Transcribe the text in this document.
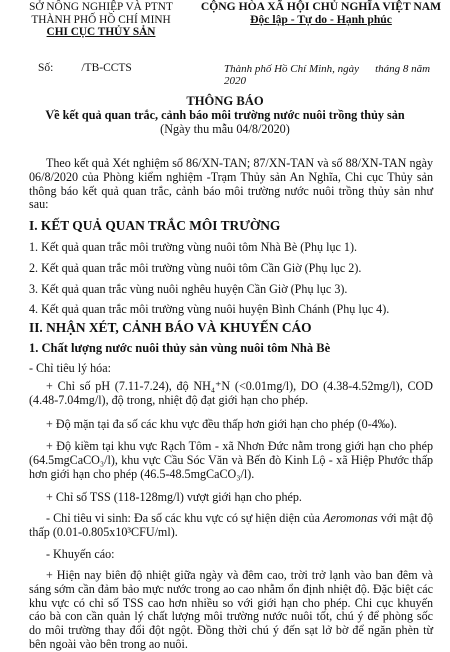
SỞ NÔNG NGHIỆP VÀ PTNT
THÀNH PHỐ HỒ CHÍ MINH
CHI CỤC THỦY SẢN
CỘNG HÒA XÃ HỘI CHỦ NGHĨA VIỆT NAM
Độc lập - Tự do - Hạnh phúc
Số: /TB-CCTS	Thành phố Hồ Chí Minh, ngày tháng 8 năm 2020
THÔNG BÁO
Về kết quả quan trắc, cảnh báo môi trường nước nuôi trồng thủy sản
(Ngày thu mẫu 04/8/2020)
Theo kết quả Xét nghiệm số 86/XN-TAN; 87/XN-TAN và số 88/XN-TAN ngày 06/8/2020 của Phòng kiểm nghiệm -Trạm Thủy sản An Nghĩa, Chi cục Thủy sản thông báo kết quả quan trắc, cảnh báo môi trường nước nuôi trồng thủy sản như sau:
I. KẾT QUẢ QUAN TRẮC MÔI TRƯỜNG
1. Kết quả quan trắc môi trường vùng nuôi tôm Nhà Bè (Phụ lục 1).
2. Kết quả quan trắc môi trường vùng nuôi tôm Cần Giờ (Phụ lục 2).
3. Kết quả quan trắc vùng nuôi nghêu huyện Cần Giờ (Phụ lục 3).
4. Kết quả quan trắc môi trường vùng nuôi huyện Bình Chánh (Phụ lục 4).
II. NHẬN XÉT, CẢNH BÁO VÀ KHUYẾN CÁO
1. Chất lượng nước nuôi thủy sản vùng nuôi tôm Nhà Bè
- Chỉ tiêu lý hóa:
+ Chỉ số pH (7.11-7.24), độ NH₄⁺N (<0.01mg/l), DO (4.38-4.52mg/l), COD (4.48-7.04mg/l), độ trong, nhiệt độ đạt giới hạn cho phép.
+ Độ mặn tại đa số các khu vực đều thấp hơn giới hạn cho phép (0-4‰).
+ Độ kiềm tại khu vực Rạch Tôm - xã Nhơn Đức nằm trong giới hạn cho phép (64.5mgCaCO₃/l), khu vực Cầu Sóc Văn và Bến đò Kinh Lộ - xã Hiệp Phước thấp hơn giới hạn cho phép (46.5-48.5mgCaCO₃/l).
+ Chỉ số TSS (118-128mg/l) vượt giới hạn cho phép.
- Chỉ tiêu vi sinh: Đa số các khu vực có sự hiện diện của Aeromonas với mật độ thấp (0.01-0.805x10³CFU/ml).
- Khuyến cáo:
+ Hiện nay biên độ nhiệt giữa ngày và đêm cao, trời trở lạnh vào ban đêm và sáng sớm cần đảm bảo mực nước trong ao cao nhằm ổn định nhiệt độ. Đặc biệt các khu vực có chỉ số TSS cao hơn nhiều so với giới hạn cho phép. Chi cục khuyến cáo bà con cần quản lý chất lượng môi trường nước nuôi tốt, chú ý để phòng sốc do môi trường thay đổi đột ngột. Đồng thời chú ý đến sạt lở bờ để ngăn phèn từ bên ngoài vào bên trong ao nuôi.
